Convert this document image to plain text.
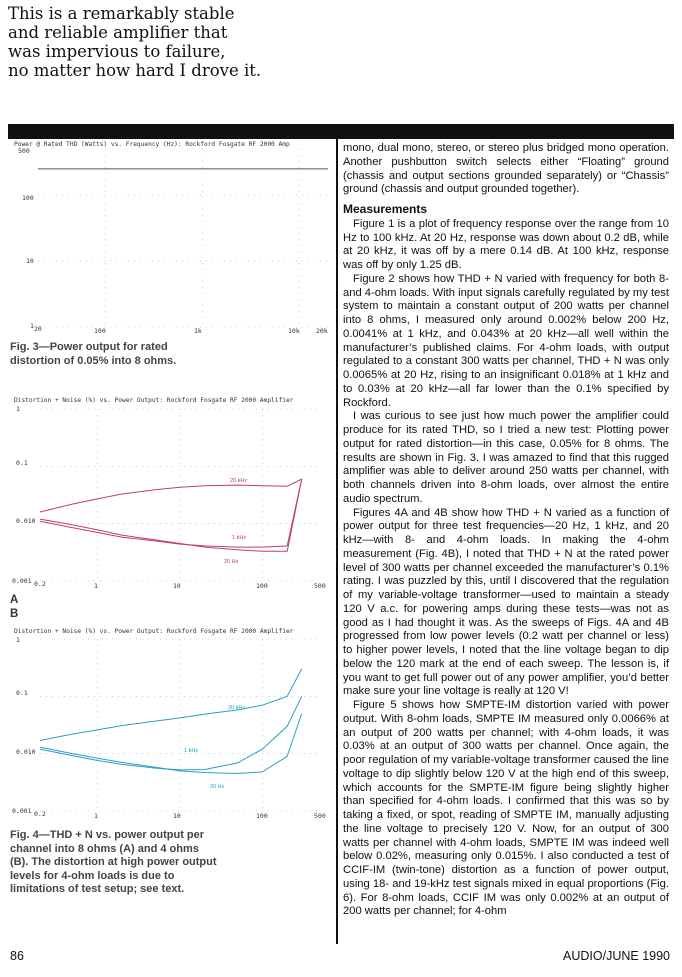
This is a remarkably stable
and reliable amplifier that
was impervious to failure,
no matter how hard I drove it.
Power @ Rated THD (Watts) vs. Frequency (Hz): Rockford Fosgate RF 2000 Amp
500
100
10
1 20	100	1k	10k	20k
Fig. 3—Power output for rated distortion of 0.05% into 8 ohms.
Distortion + Noise (%) vs. Power Output: Rockford Fosgate RF 2000 Amplifier
1
0.1
0.010
0.001 0.2	1	10	100	500
20 kHz
1 kHz
20 Hz
A
B
Distortion + Noise (%) vs. Power Output: Rockford Fosgate RF 2000 Amplifier
1
0.1
0.010
0.001 0.2	1	10	100	500
20 kHz
1 kHz
20 Hz
Fig. 4—THD + N vs. power output per channel into 8 ohms (A) and 4 ohms (B). The distortion at high power output levels for 4-ohm loads is due to limitations of test setup; see text.

mono, dual mono, stereo, or stereo plus bridged mono operation. Another pushbutton switch selects either “Floating” ground (chassis and output sections grounded separately) or “Chassis” ground (chassis and output grounded together).

Measurements

Figure 1 is a plot of frequency response over the range from 10 Hz to 100 kHz. At 20 Hz, response was down about 0.2 dB, while at 20 kHz, it was off by a mere 0.14 dB. At 100 kHz, response was off by only 1.25 dB.

Figure 2 shows how THD + N varied with frequency for both 8- and 4-ohm loads. With input signals carefully regulated by my test system to maintain a constant output of 200 watts per channel into 8 ohms, I measured only around 0.002% below 200 Hz, 0.0041% at 1 kHz, and 0.043% at 20 kHz—all well within the manufacturer’s published claims. For 4-ohm loads, with output regulated to a constant 300 watts per channel, THD + N was only 0.0065% at 20 Hz, rising to an insignificant 0.018% at 1 kHz and to 0.03% at 20 kHz—all far lower than the 0.1% specified by Rockford.

I was curious to see just how much power the amplifier could produce for its rated THD, so I tried a new test: Plotting power output for rated distortion—in this case, 0.05% for 8 ohms. The results are shown in Fig. 3. I was amazed to find that this rugged amplifier was able to deliver around 250 watts per channel, with both channels driven into 8-ohm loads, over almost the entire audio spectrum.

Figures 4A and 4B show how THD + N varied as a function of power output for three test frequencies—20 Hz, 1 kHz, and 20 kHz—with 8- and 4-ohm loads. In making the 4-ohm measurement (Fig. 4B), I noted that THD + N at the rated power level of 300 watts per channel exceeded the manufacturer’s 0.1% rating. I was puzzled by this, until I discovered that the regulation of my variable-voltage transformer—used to maintain a steady 120 V a.c. for powering amps during these tests—was not as good as I had thought it was. As the sweeps of Figs. 4A and 4B progressed from low power levels (0.2 watt per channel or less) to higher power levels, I noted that the line voltage began to dip below the 120 mark at the end of each sweep. The lesson is, if you want to get full power out of any power amplifier, you’d better make sure your line voltage is really at 120 V!

Figure 5 shows how SMPTE-IM distortion varied with power output. With 8-ohm loads, SMPTE IM measured only 0.0066% at an output of 200 watts per channel; with 4-ohm loads, it was 0.03% at an output of 300 watts per channel. Once again, the poor regulation of my variable-voltage transformer caused the line voltage to dip slightly below 120 V at the high end of this sweep, which accounts for the SMPTE-IM figure being slightly higher than specified for 4-ohm loads. I confirmed that this was so by taking a fixed, or spot, reading of SMPTE IM, manually adjusting the line voltage to precisely 120 V. Now, for an output of 300 watts per channel with 4-ohm loads, SMPTE IM was indeed well below 0.02%, measuring only 0.015%. I also conducted a test of CCIF-IM (twin-tone) distortion as a function of power output, using 18- and 19-kHz test signals mixed in equal proportions (Fig. 6). For 8-ohm loads, CCIF IM was only 0.002% at an output of 200 watts per channel; for 4-ohm

86	AUDIO/JUNE 1990
